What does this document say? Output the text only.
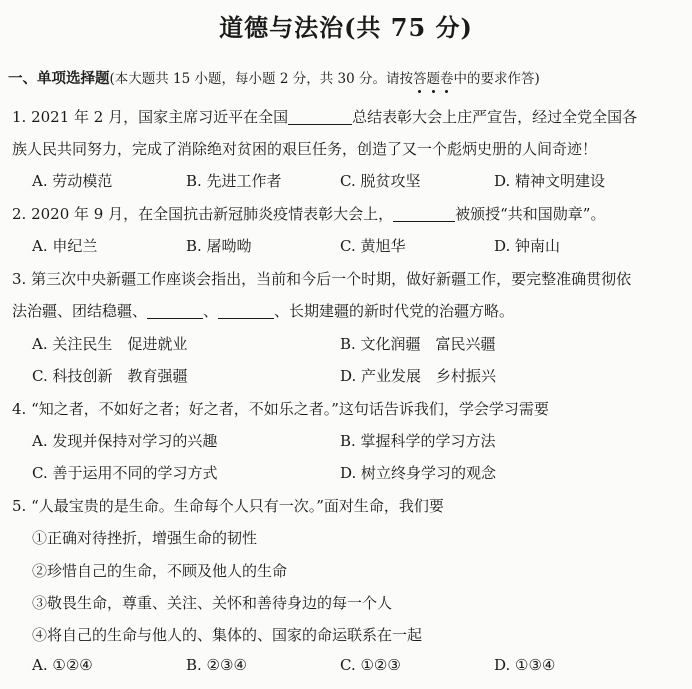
道德与法治(共 75 分)
一、单项选择题(本大题共 15 小题，每小题 2 分，共 30 分。请按答题卷中的要求作答)
1. 2021 年 2 月，国家主席习近平在全国	总结表彰大会上庄严宣告，经过全党全国各
族人民共同努力，完成了消除绝对贫困的艰巨任务，创造了又一个彪炳史册的人间奇迹！
A. 劳动模范	B. 先进工作者	C. 脱贫攻坚	D. 精神文明建设
2. 2020 年 9 月，在全国抗击新冠肺炎疫情表彰大会上，	被颁授“共和国勋章”。
A. 申纪兰	B. 屠呦呦	C. 黄旭华	D. 钟南山
3. 第三次中央新疆工作座谈会指出，当前和今后一个时期，做好新疆工作，要完整准确贯彻依
法治疆、团结稳疆、	、	、长期建疆的新时代党的治疆方略。
A. 关注民生　促进就业	B. 文化润疆　富民兴疆
C. 科技创新　教育强疆	D. 产业发展　乡村振兴
4. “知之者，不如好之者；好之者，不如乐之者。”这句话告诉我们，学会学习需要
A. 发现并保持对学习的兴趣	B. 掌握科学的学习方法
C. 善于运用不同的学习方式	D. 树立终身学习的观念
5. “人最宝贵的是生命。生命每个人只有一次。”面对生命，我们要
①正确对待挫折，增强生命的韧性
②珍惜自己的生命，不顾及他人的生命
③敬畏生命，尊重、关注、关怀和善待身边的每一个人
④将自己的生命与他人的、集体的、国家的命运联系在一起
A. ①②④	B. ②③④	C. ①②③	D. ①③④
